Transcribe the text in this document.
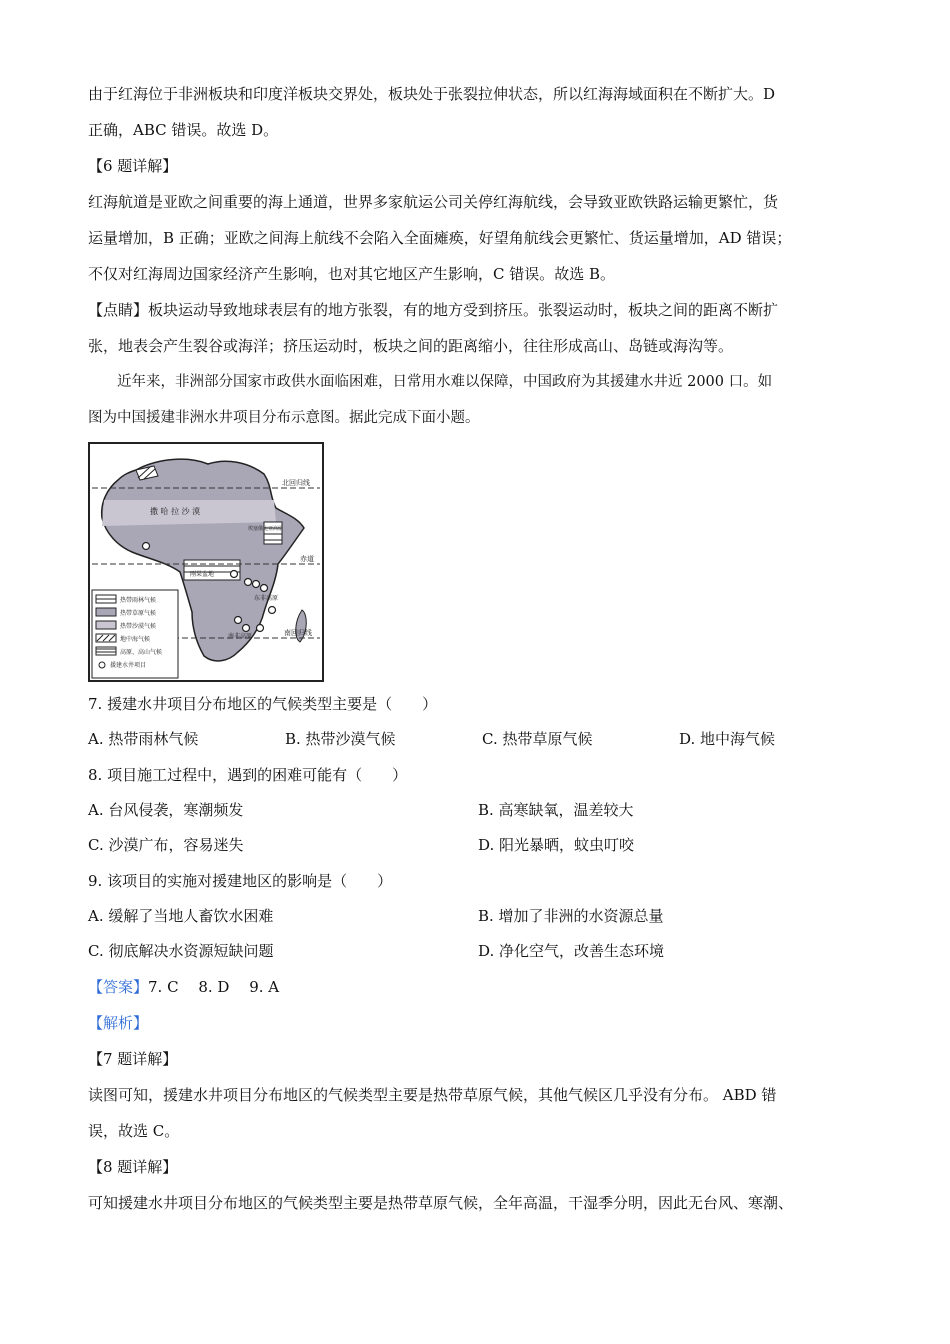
由于红海位于非洲板块和印度洋板块交界处，板块处于张裂拉伸状态，所以红海海域面积在不断扩大。D

正确，ABC 错误。故选 D。

【6 题详解】

红海航道是亚欧之间重要的海上通道，世界多家航运公司关停红海航线，会导致亚欧铁路运输更繁忙，货

运量增加，B 正确；亚欧之间海上航线不会陷入全面瘫痪，好望角航线会更繁忙、货运量增加，AD 错误；

不仅对红海周边国家经济产生影响，也对其它地区产生影响，C 错误。故选 B。

【点睛】板块运动导致地球表层有的地方张裂，有的地方受到挤压。张裂运动时，板块之间的距离不断扩

张，地表会产生裂谷或海洋；挤压运动时，板块之间的距离缩小，往往形成高山、岛链或海沟等。

近年来，非洲部分国家市政供水面临困难，日常用水难以保障，中国政府为其援建水井近 2000 口。如

图为中国援建非洲水井项目分布示意图。据此完成下面小题。

热带雨林气候
热带草原气候
热带沙漠气候
地中海气候
高原、高山气候
援建水井项目
撒 哈 拉 沙 漠
北回归线
赤道
南回归线
埃塞俄比亚高原
刚果盆地
东非高原
南非高原

7. 援建水井项目分布地区的气候类型主要是（　　）

A. 热带雨林气候	B. 热带沙漠气候	C. 热带草原气候	D. 地中海气候

8. 项目施工过程中，遇到的困难可能有（　　）

A. 台风侵袭，寒潮频发	B. 高寒缺氧，温差较大
C. 沙漠广布，容易迷失	D. 阳光暴晒，蚊虫叮咬

9. 该项目的实施对援建地区的影响是（　　）

A. 缓解了当地人畜饮水困难	B. 增加了非洲的水资源总量
C. 彻底解决水资源短缺问题	D. 净化空气，改善生态环境

【答案】7. C　 8. D　 9. A

【解析】

【7 题详解】

读图可知，援建水井项目分布地区的气候类型主要是热带草原气候，其他气候区几乎没有分布。 ABD 错

误，故选 C。

【8 题详解】

可知援建水井项目分布地区的气候类型主要是热带草原气候，全年高温，干湿季分明，因此无台风、寒潮、
